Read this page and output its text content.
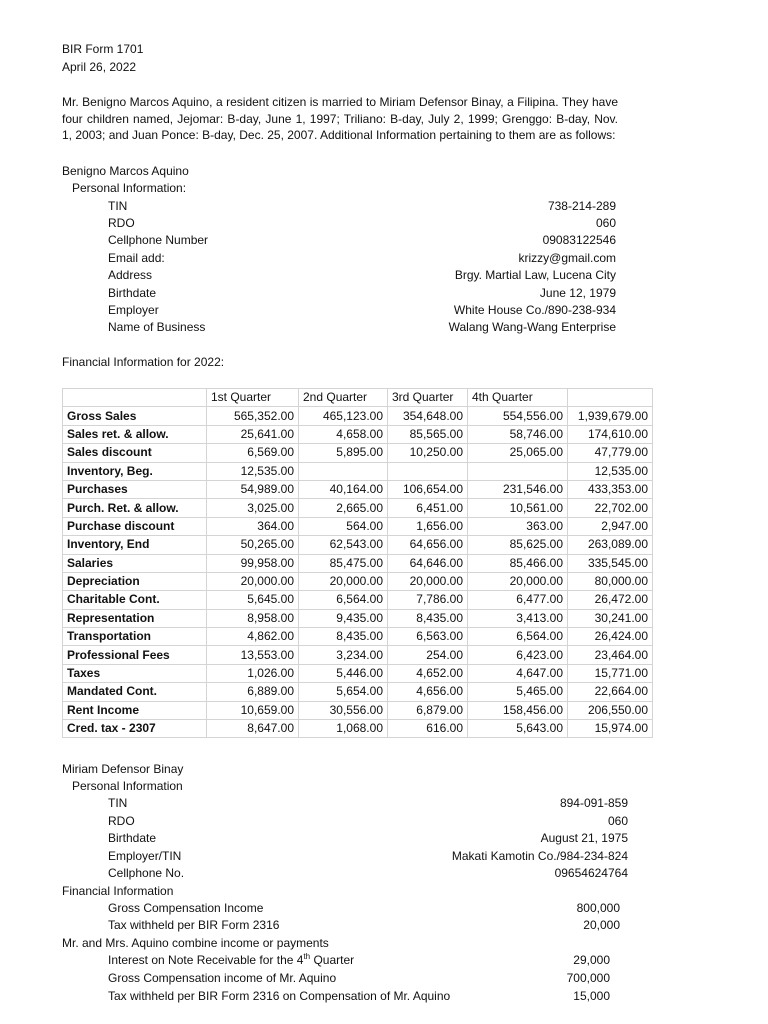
BIR Form 1701
April 26, 2022
Mr. Benigno Marcos Aquino, a resident citizen is married to Miriam Defensor Binay, a Filipina. They have four children named, Jejomar: B-day, June 1, 1997; Triliano: B-day, July 2, 1999; Grenggo: B-day, Nov. 1, 2003; and Juan Ponce: B-day, Dec. 25, 2007. Additional Information pertaining to them are as follows:
Benigno Marcos Aquino
Personal Information:
TIN	738-214-289
RDO	060
Cellphone Number	09083122546
Email add:	krizzy@gmail.com
Address	Brgy. Martial Law, Lucena City
Birthdate	June 12, 1979
Employer	White House Co./890-238-934
Name of Business	Walang Wang-Wang Enterprise
Financial Information for 2022:
	1st Quarter	2nd Quarter	3rd Quarter	4th Quarter	
Gross Sales	565,352.00	465,123.00	354,648.00	554,556.00	1,939,679.00
Sales ret. & allow.	25,641.00	4,658.00	85,565.00	58,746.00	174,610.00
Sales discount	6,569.00	5,895.00	10,250.00	25,065.00	47,779.00
Inventory, Beg.	12,535.00				12,535.00
Purchases	54,989.00	40,164.00	106,654.00	231,546.00	433,353.00
Purch. Ret. & allow.	3,025.00	2,665.00	6,451.00	10,561.00	22,702.00
Purchase discount	364.00	564.00	1,656.00	363.00	2,947.00
Inventory, End	50,265.00	62,543.00	64,656.00	85,625.00	263,089.00
Salaries	99,958.00	85,475.00	64,646.00	85,466.00	335,545.00
Depreciation	20,000.00	20,000.00	20,000.00	20,000.00	80,000.00
Charitable Cont.	5,645.00	6,564.00	7,786.00	6,477.00	26,472.00
Representation	8,958.00	9,435.00	8,435.00	3,413.00	30,241.00
Transportation	4,862.00	8,435.00	6,563.00	6,564.00	26,424.00
Professional Fees	13,553.00	3,234.00	254.00	6,423.00	23,464.00
Taxes	1,026.00	5,446.00	4,652.00	4,647.00	15,771.00
Mandated Cont.	6,889.00	5,654.00	4,656.00	5,465.00	22,664.00
Rent Income	10,659.00	30,556.00	6,879.00	158,456.00	206,550.00
Cred. tax - 2307	8,647.00	1,068.00	616.00	5,643.00	15,974.00
Miriam Defensor Binay
Personal Information
TIN	894-091-859
RDO	060
Birthdate	August 21, 1975
Employer/TIN	Makati Kamotin Co./984-234-824
Cellphone No.	09654624764
Financial Information
Gross Compensation Income	800,000
Tax withheld per BIR Form 2316	20,000
Mr. and Mrs. Aquino combine income or payments
Interest on Note Receivable for the 4th Quarter	29,000
Gross Compensation income of Mr. Aquino	700,000
Tax withheld per BIR Form 2316 on Compensation of Mr. Aquino	15,000
